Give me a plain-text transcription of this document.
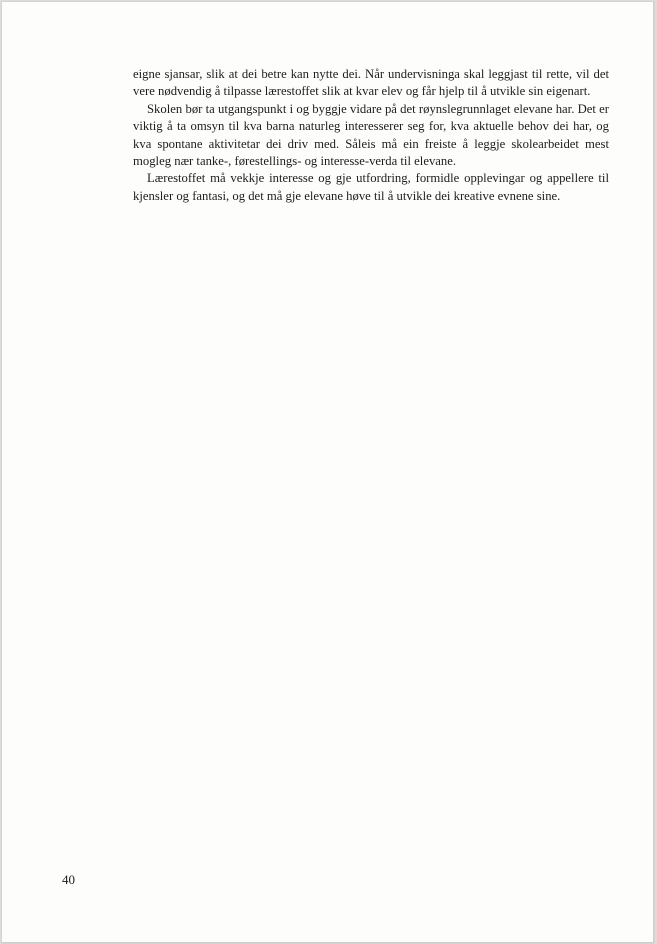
eigne sjansar, slik at dei betre kan nytte dei. Når undervisninga skal leggjast til rette, vil det vere nødvendig å tilpasse lærestoffet slik at kvar elev og får hjelp til å utvikle sin eigenart.

Skolen bør ta utgangspunkt i og byggje vidare på det røynslegrunnlaget elevane har. Det er viktig å ta omsyn til kva barna naturleg interesserer seg for, kva aktuelle behov dei har, og kva spontane aktivitetar dei driv med. Såleis må ein freiste å leggje skolearbeidet mest mogleg nær tanke-, førestellings- og interesse-verda til elevane.

Lærestoffet må vekkje interesse og gje utfordring, formidle opplevingar og appellere til kjensler og fantasi, og det må gje elevane høve til å utvikle dei kreative evnene sine.

40
